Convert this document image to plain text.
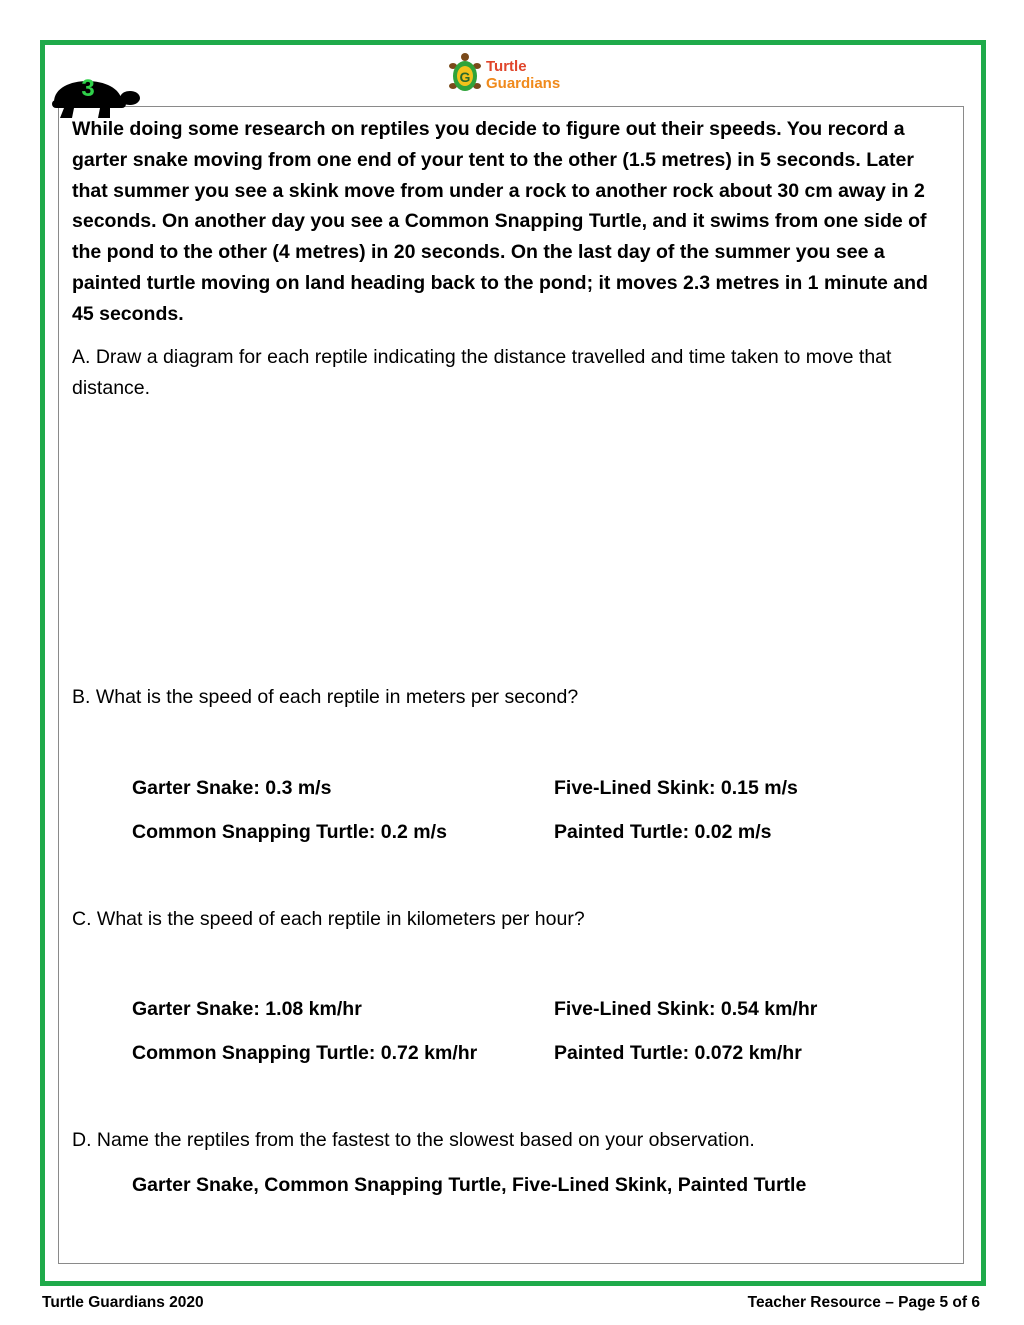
3	G
Turtle
Guardians
While doing some research on reptiles you decide to figure out their speeds. You record a garter snake moving from one end of your tent to the other (1.5 metres) in 5 seconds. Later that summer you see a skink move from under a rock to another rock about 30 cm away in 2 seconds. On another day you see a Common Snapping Turtle, and it swims from one side of the pond to the other (4 metres) in 20 seconds. On the last day of the summer you see a painted turtle moving on land heading back to the pond; it moves 2.3 metres in 1 minute and 45 seconds.
A. Draw a diagram for each reptile indicating the distance travelled and time taken to move that distance.
B. What is the speed of each reptile in meters per second?
Garter Snake: 0.3 m/s	Five-Lined Skink: 0.15 m/s
Common Snapping Turtle: 0.2 m/s	Painted Turtle: 0.02 m/s
C. What is the speed of each reptile in kilometers per hour?
Garter Snake: 1.08 km/hr	Five-Lined Skink: 0.54 km/hr
Common Snapping Turtle: 0.72 km/hr	Painted Turtle: 0.072 km/hr
D. Name the reptiles from the fastest to the slowest based on your observation.
Garter Snake, Common Snapping Turtle, Five-Lined Skink, Painted Turtle
Turtle Guardians 2020	Teacher Resource – Page 5 of 6
